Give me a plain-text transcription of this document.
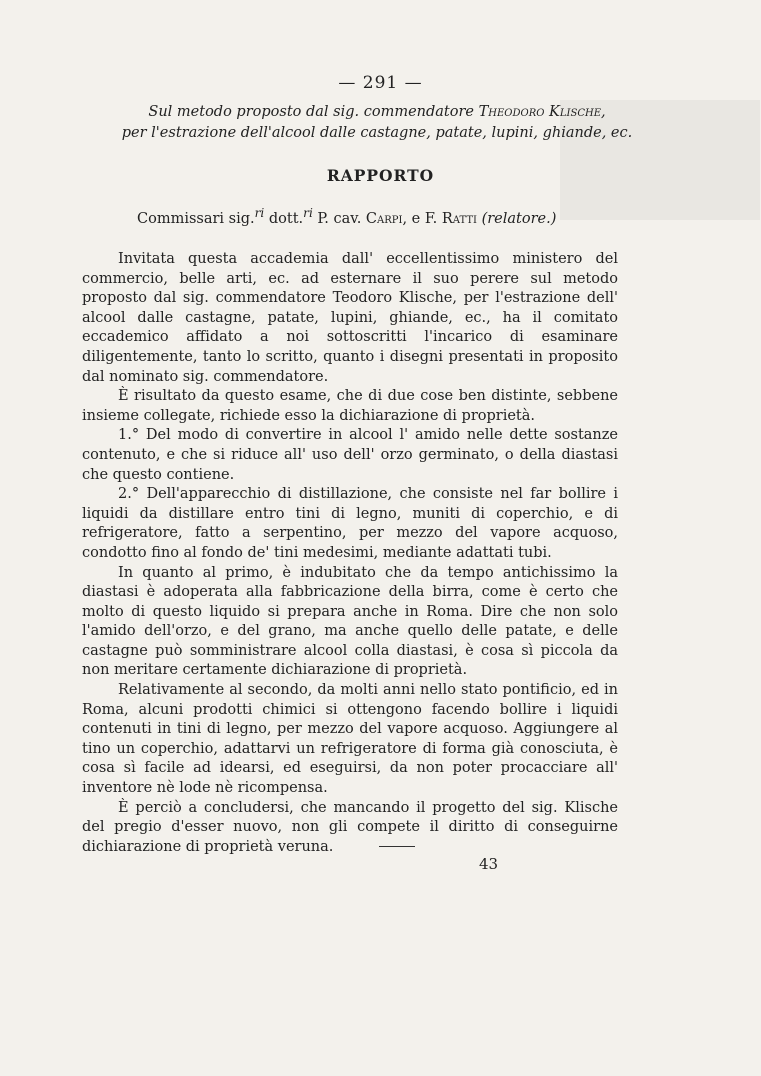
— 291 —
Sul metodo proposto dal sig. commendatore Theodoro Klische,
per l'estrazione dell'alcool dalle castagne, patate, lupini, ghiande, ec.
RAPPORTO
Commissari sig.$^{ri}$ dott.$^{ri}$ P. cav. Carpi, e F. Ratti (relatore.)

Invitata questa accademia dall' eccellentissimo ministero del commercio, belle arti, ec. ad esternare il suo perere sul metodo proposto dal sig. commendatore Teodoro Klische, per l'estrazione dell' alcool dalle castagne, patate, lupini, ghiande, ec., ha il comitato eccademico affidato a noi sottoscritti l'incarico di esaminare diligentemente, tanto lo scritto, quanto i disegni presentati in proposito dal nominato sig. commendatore.

È risultato da questo esame, che di due cose ben distinte, sebbene insieme collegate, richiede esso la dichiarazione di proprietà.

1.° Del modo di convertire in alcool l' amido nelle dette sostanze contenuto, e che si riduce all' uso dell' orzo germinato, o della diastasi che questo contiene.

2.° Dell'apparecchio di distillazione, che consiste nel far bollire i liquidi da distillare entro tini di legno, muniti di coperchio, e di refrigeratore, fatto a serpentino, per mezzo del vapore acquoso, condotto fino al fondo de' tini medesimi, mediante adattati tubi.

In quanto al primo, è indubitato che da tempo antichissimo la diastasi è adoperata alla fabbricazione della birra, come è certo che molto di questo liquido si prepara anche in Roma. Dire che non solo l'amido dell'orzo, e del grano, ma anche quello delle patate, e delle castagne può somministrare alcool colla diastasi, è cosa sì piccola da non meritare certamente dichiarazione di proprietà.

Relativamente al secondo, da molti anni nello stato pontificio, ed in Roma, alcuni prodotti chimici si ottengono facendo bollire i liquidi contenuti in tini di legno, per mezzo del vapore acquoso. Aggiungere al tino un coperchio, adattarvi un refrigeratore di forma già conosciuta, è cosa sì facile ad idearsi, ed eseguirsi, da non poter procacciare all' inventore nè lode nè ricompensa.

È perciò a concludersi, che mancando il progetto del sig. Klische del pregio d'esser nuovo, non gli compete il diritto di conseguirne dichiarazione di proprietà veruna.

43
